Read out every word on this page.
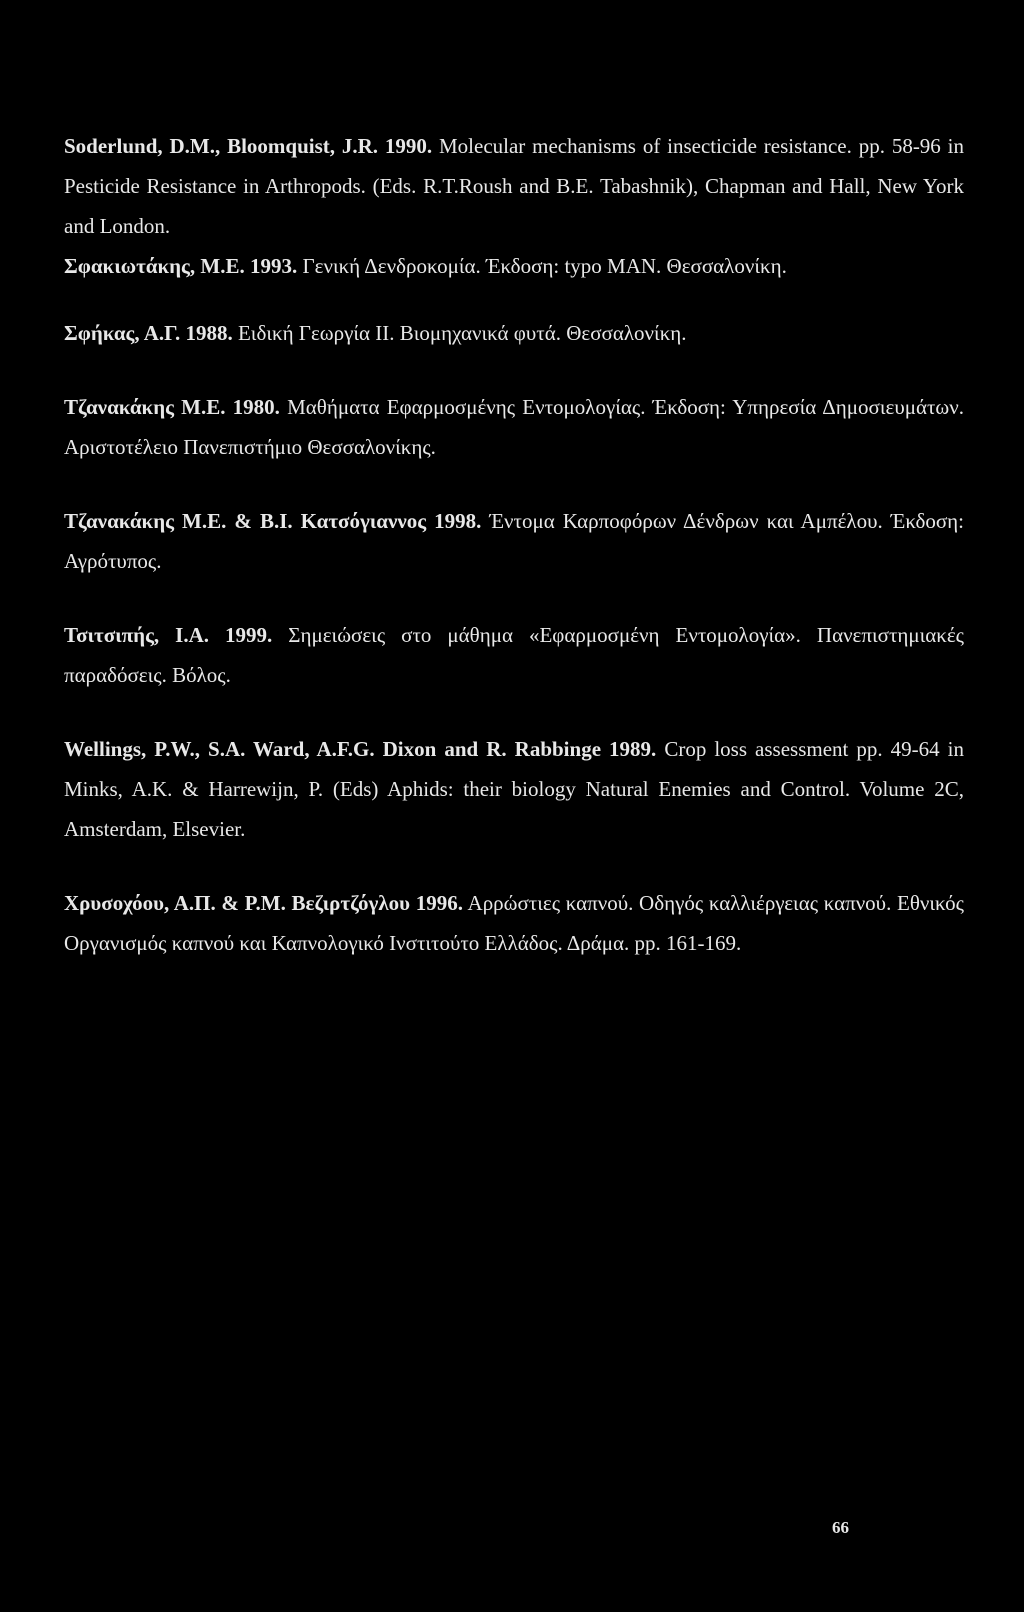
Soderlund, D.M., Bloomquist, J.R. 1990. Molecular mechanisms of insecticide resistance. pp. 58-96 in Pesticide Resistance in Arthropods. (Eds. R.T.Roush and B.E. Tabashnik), Chapman and Hall, New York and London.

Σφακιωτάκης, Μ.Ε. 1993. Γενική Δενδροκομία. Έκδοση: typo MAN. Θεσσαλονίκη.

Σφήκας, Α.Γ. 1988. Ειδική Γεωργία II. Βιομηχανικά φυτά. Θεσσαλονίκη.

Τζανακάκης Μ.Ε. 1980. Μαθήματα Εφαρμοσμένης Εντομολογίας. Έκδοση: Υπηρεσία Δημοσιευμάτων. Αριστοτέλειο Πανεπιστήμιο Θεσσαλονίκης.

Τζανακάκης Μ.Ε. & Β.Ι. Κατσόγιαννος 1998. Έντομα Καρποφόρων Δένδρων και Αμπέλου. Έκδοση: Αγρότυπος.

Τσιτσιπής, Ι.Α. 1999. Σημειώσεις στο μάθημα «Εφαρμοσμένη Εντομολογία». Πανεπιστημιακές παραδόσεις. Βόλος.

Wellings, P.W., S.A. Ward, A.F.G. Dixon and R. Rabbinge 1989. Crop loss assessment pp. 49-64 in Minks, A.K. & Harrewijn, P. (Eds) Aphids: their biology Natural Enemies and Control. Volume 2C, Amsterdam, Elsevier.

Χρυσοχόου, Α.Π. & Ρ.Μ. Βεζιρτζόγλου 1996. Αρρώστιες καπνού. Οδηγός καλλιέργειας καπνού. Εθνικός Οργανισμός καπνού και Καπνολογικό Ινστιτούτο Ελλάδος. Δράμα. pp. 161-169.

66
